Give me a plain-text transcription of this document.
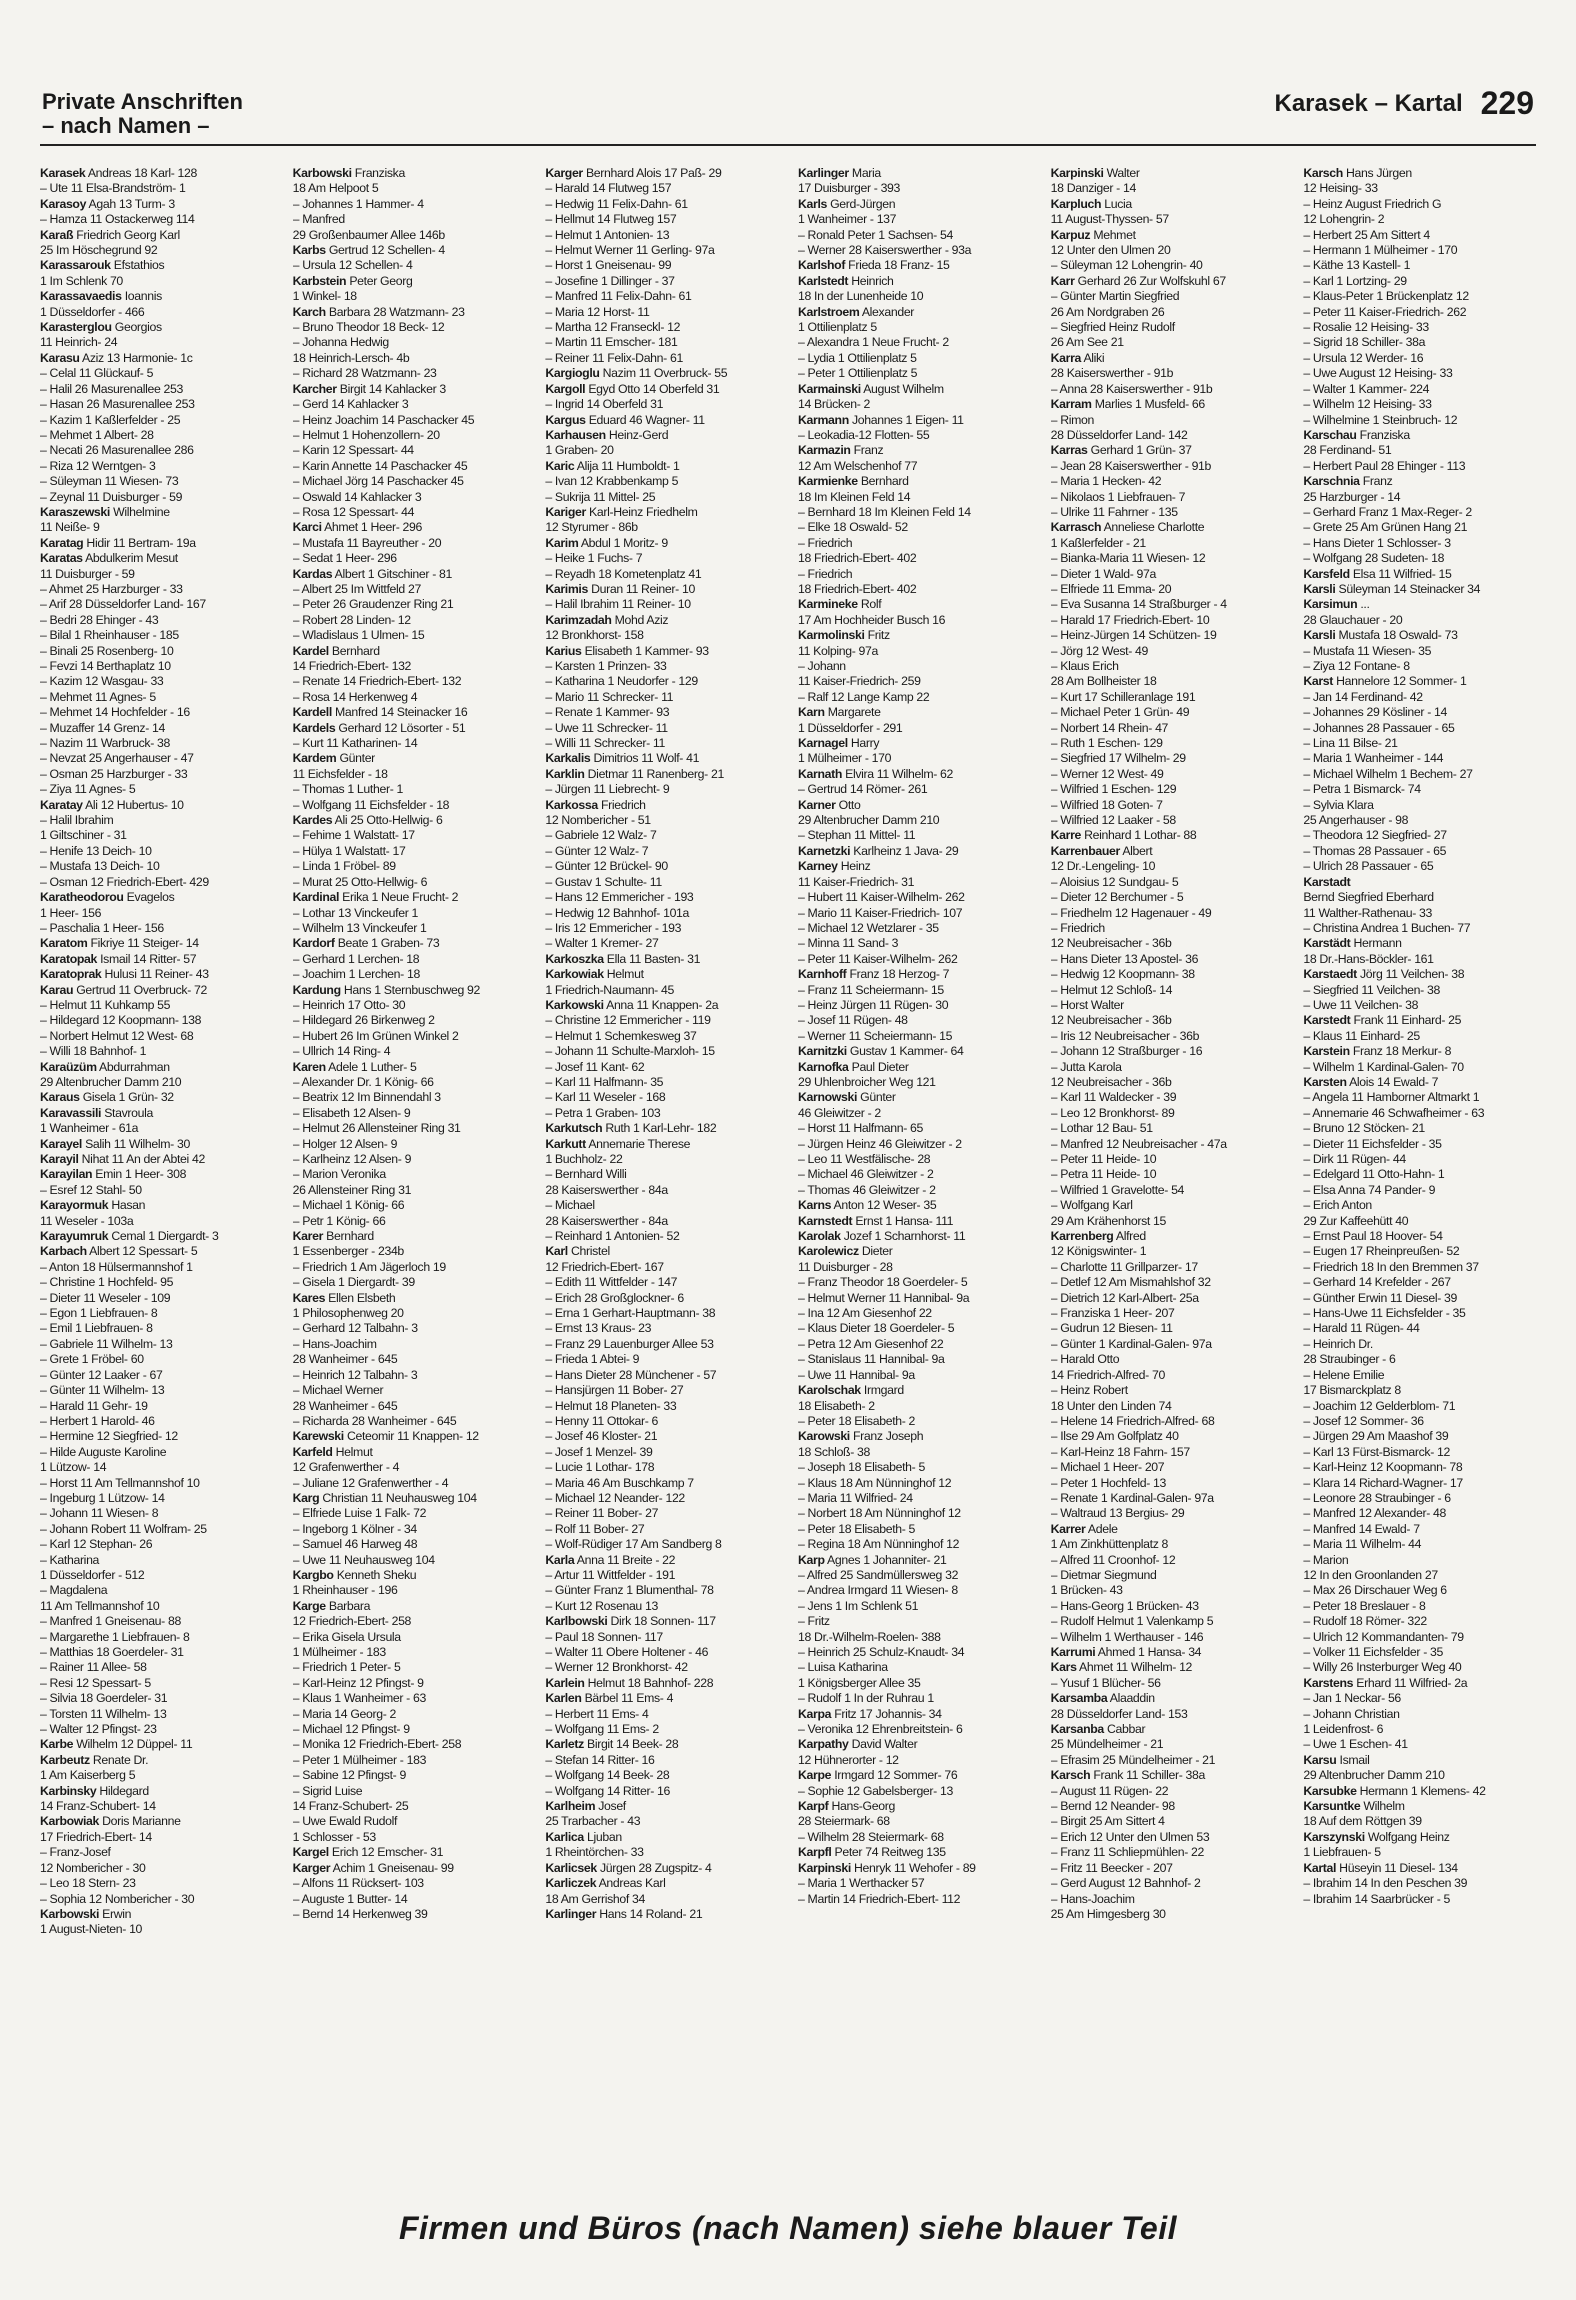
Private Anschriften
– nach Namen –
Karasek – Kartal 229
Karasek Andreas 18 Karl- 128
– Ute 11 Elsa-Brandström- 1
Karasoy Agah 13 Turm- 3
– Hamza 11 Ostackerweg 114
Karaß Friedrich Georg Karl
25 Im Höschegrund 92
Karassarouk Efstathios
1 Im Schlenk 70
Karassavaedis Ioannis
1 Düsseldorfer - 466
Karasterglou Georgios
11 Heinrich- 24
Karasu Aziz 13 Harmonie- 1c
– Celal 11 Glückauf- 5
– Halil 26 Masurenallee 253
– Hasan 26 Masurenallee 253
– Kazim 1 Kaßlerfelder - 25
– Mehmet 1 Albert- 28
– Necati 26 Masurenallee 286
– Riza 12 Werntgen- 3
– Süleyman 11 Wiesen- 73
– Zeynal 11 Duisburger - 59
Karaszewski Wilhelmine
11 Neiße- 9
Karatag Hidir 11 Bertram- 19a
Karatas Abdulkerim Mesut
11 Duisburger - 59
– Ahmet 25 Harzburger - 33
– Arif 28 Düsseldorfer Land- 167
– Bedri 28 Ehinger - 43
– Bilal 1 Rheinhauser - 185
– Binali 25 Rosenberg- 10
– Fevzi 14 Berthaplatz 10
– Kazim 12 Wasgau- 33
– Mehmet 11 Agnes- 5
– Mehmet 14 Hochfelder - 16
– Muzaffer 14 Grenz- 14
– Nazim 11 Warbruck- 38
– Nevzat 25 Angerhauser - 47
– Osman 25 Harzburger - 33
– Ziya 11 Agnes- 5
Karatay Ali 12 Hubertus- 10
– Halil Ibrahim
1 Giltschiner - 31
– Henife 13 Deich- 10
– Mustafa 13 Deich- 10
– Osman 12 Friedrich-Ebert- 429
Karatheodorou Evagelos
1 Heer- 156
– Paschalia 1 Heer- 156
Karatom Fikriye 11 Steiger- 14
Karatopak Ismail 14 Ritter- 57
Karatoprak Hulusi 11 Reiner- 43
Karau Gertrud 11 Overbruck- 72
– Helmut 11 Kuhkamp 55
– Hildegard 12 Koopmann- 138
– Norbert Helmut 12 West- 68
– Willi 18 Bahnhof- 1
Karaüzüm Abdurrahman
29 Altenbrucher Damm 210
Karaus Gisela 1 Grün- 32
Karavassili Stavroula
1 Wanheimer - 61a
Karayel Salih 11 Wilhelm- 30
Karayil Nihat 11 An der Abtei 42
Karayilan Emin 1 Heer- 308
– Esref 12 Stahl- 50
Karayormuk Hasan
11 Weseler - 103a
Karayumruk Cemal 1 Diergardt- 3
Karbach Albert 12 Spessart- 5
– Anton 18 Hülsermannshof 1
– Christine 1 Hochfeld- 95
– Dieter 11 Weseler - 109
– Egon 1 Liebfrauen- 8
– Emil 1 Liebfrauen- 8
– Gabriele 11 Wilhelm- 13
– Grete 1 Fröbel- 60
– Günter 12 Laaker - 67
– Günter 11 Wilhelm- 13
– Harald 11 Gehr- 19
– Herbert 1 Harold- 46
– Hermine 12 Siegfried- 12
– Hilde Auguste Karoline
1 Lützow- 14
– Horst 11 Am Tellmannshof 10
– Ingeburg 1 Lützow- 14
– Johann 11 Wiesen- 8
– Johann Robert 11 Wolfram- 25
– Karl 12 Stephan- 26
– Katharina
1 Düsseldorfer - 512
– Magdalena
11 Am Tellmannshof 10
– Manfred 1 Gneisenau- 88
– Margarethe 1 Liebfrauen- 8
– Matthias 18 Goerdeler- 31
– Rainer 11 Allee- 58
– Resi 12 Spessart- 5
– Silvia 18 Goerdeler- 31
– Torsten 11 Wilhelm- 13
– Walter 12 Pfingst- 23
Karbe Wilhelm 12 Düppel- 11
Karbeutz Renate Dr.
1 Am Kaiserberg 5
Karbinsky Hildegard
14 Franz-Schubert- 14
Karbowiak Doris Marianne
17 Friedrich-Ebert- 14
– Franz-Josef
12 Nombericher - 30
– Leo 18 Stern- 23
– Sophia 12 Nombericher - 30
Karbowski Erwin
1 August-Nieten- 10
Karbowski Franziska
18 Am Helpoot 5
– Johannes 1 Hammer- 4
– Manfred
29 Großenbaumer Allee 146b
Karbs Gertrud 12 Schellen- 4
– Ursula 12 Schellen- 4
Karbstein Peter Georg
1 Winkel- 18
Karch Barbara 28 Watzmann- 23
– Bruno Theodor 18 Beck- 12
– Johanna Hedwig
18 Heinrich-Lersch- 4b
– Richard 28 Watzmann- 23
Karcher Birgit 14 Kahlacker 3
– Gerd 14 Kahlacker 3
– Heinz Joachim 14 Paschacker 45
– Helmut 1 Hohenzollern- 20
– Karin 12 Spessart- 44
– Karin Annette 14 Paschacker 45
– Michael Jörg 14 Paschacker 45
– Oswald 14 Kahlacker 3
– Rosa 12 Spessart- 44
Karci Ahmet 1 Heer- 296
– Mustafa 11 Bayreuther - 20
– Sedat 1 Heer- 296
Kardas Albert 1 Gitschiner - 81
– Albert 25 Im Wittfeld 27
– Peter 26 Graudenzer Ring 21
– Robert 28 Linden- 12
– Wladislaus 1 Ulmen- 15
Kardel Bernhard
14 Friedrich-Ebert- 132
– Renate 14 Friedrich-Ebert- 132
– Rosa 14 Herkenweg 4
Kardell Manfred 14 Steinacker 16
Kardels Gerhard 12 Lösorter - 51
– Kurt 11 Katharinen- 14
Kardem Günter
11 Eichsfelder - 18
– Thomas 1 Luther- 1
– Wolfgang 11 Eichsfelder - 18
Kardes Ali 25 Otto-Hellwig- 6
– Fehime 1 Walstatt- 17
– Hülya 1 Walstatt- 17
– Linda 1 Fröbel- 89
– Murat 25 Otto-Hellwig- 6
Kardinal Erika 1 Neue Frucht- 2
– Lothar 13 Vinckeufer 1
– Wilhelm 13 Vinckeufer 1
Kardorf Beate 1 Graben- 73
– Gerhard 1 Lerchen- 18
– Joachim 1 Lerchen- 18
Kardung Hans 1 Sternbuschweg 92
– Heinrich 17 Otto- 30
– Hildegard 26 Birkenweg 2
– Hubert 26 Im Grünen Winkel 2
– Ullrich 14 Ring- 4
Karen Adele 1 Luther- 5
– Alexander Dr. 1 König- 66
– Beatrix 12 Im Binnendahl 3
– Elisabeth 12 Alsen- 9
– Helmut 26 Allensteiner Ring 31
– Holger 12 Alsen- 9
– Karlheinz 12 Alsen- 9
– Marion Veronika
26 Allensteiner Ring 31
– Michael 1 König- 66
– Petr 1 König- 66
Karer Bernhard
1 Essenberger - 234b
– Friedrich 1 Am Jägerloch 19
– Gisela 1 Diergardt- 39
Kares Ellen Elsbeth
1 Philosophenweg 20
– Gerhard 12 Talbahn- 3
– Hans-Joachim
28 Wanheimer - 645
– Heinrich 12 Talbahn- 3
– Michael Werner
28 Wanheimer - 645
– Richarda 28 Wanheimer - 645
Karewski Ceteomir 11 Knappen- 12
Karfeld Helmut
12 Grafenwerther - 4
– Juliane 12 Grafenwerther - 4
Karg Christian 11 Neuhausweg 104
– Elfriede Luise 1 Falk- 72
– Ingeborg 1 Kölner - 34
– Samuel 46 Harweg 48
– Uwe 11 Neuhausweg 104
Kargbo Kenneth Sheku
1 Rheinhauser - 196
Karge Barbara
12 Friedrich-Ebert- 258
– Erika Gisela Ursula
1 Mülheimer - 183
– Friedrich 1 Peter- 5
– Karl-Heinz 12 Pfingst- 9
– Klaus 1 Wanheimer - 63
– Maria 14 Georg- 2
– Michael 12 Pfingst- 9
– Monika 12 Friedrich-Ebert- 258
– Peter 1 Mülheimer - 183
– Sabine 12 Pfingst- 9
– Sigrid Luise
14 Franz-Schubert- 25
– Uwe Ewald Rudolf
1 Schlosser - 53
Kargel Erich 12 Emscher- 31
Karger Achim 1 Gneisenau- 99
– Alfons 11 Rücksert- 103
– Auguste 1 Butter- 14
– Bernd 14 Herkenweg 39
Karger Bernhard Alois 17 Paß- 29
– Harald 14 Flutweg 157
– Hedwig 11 Felix-Dahn- 61
– Hellmut 14 Flutweg 157
– Helmut 1 Antonien- 13
– Helmut Werner 11 Gerling- 97a
– Horst 1 Gneisenau- 99
– Josefine 1 Dillinger - 37
– Manfred 11 Felix-Dahn- 61
– Maria 12 Horst- 11
– Martha 12 Franseckl- 12
– Martin 11 Emscher- 181
– Reiner 11 Felix-Dahn- 61
Kargioglu Nazim 11 Overbruck- 55
Kargoll Egyd Otto 14 Oberfeld 31
– Ingrid 14 Oberfeld 31
Kargus Eduard 46 Wagner- 11
Karhausen Heinz-Gerd
1 Graben- 20
Karic Alija 11 Humboldt- 1
– Ivan 12 Krabbenkamp 5
– Sukrija 11 Mittel- 25
Kariger Karl-Heinz Friedhelm
12 Styrumer - 86b
Karim Abdul 1 Moritz- 9
– Heike 1 Fuchs- 7
– Reyadh 18 Kometenplatz 41
Karimis Duran 11 Reiner- 10
– Halil Ibrahim 11 Reiner- 10
Karimzadah Mohd Aziz
12 Bronkhorst- 158
Karius Elisabeth 1 Kammer- 93
– Karsten 1 Prinzen- 33
– Katharina 1 Neudorfer - 129
– Mario 11 Schrecker- 11
– Renate 1 Kammer- 93
– Uwe 11 Schrecker- 11
– Willi 11 Schrecker- 11
Karkalis Dimitrios 11 Wolf- 41
Karklin Dietmar 11 Ranenberg- 21
– Jürgen 11 Liebrecht- 9
Karkossa Friedrich
12 Nombericher - 51
– Gabriele 12 Walz- 7
– Günter 12 Walz- 7
– Günter 12 Brückel- 90
– Gustav 1 Schulte- 11
– Hans 12 Emmericher - 193
– Hedwig 12 Bahnhof- 101a
– Iris 12 Emmericher - 193
– Walter 1 Kremer- 27
Karkoszka Ella 11 Basten- 31
Karkowiak Helmut
1 Friedrich-Naumann- 45
Karkowski Anna 11 Knappen- 2a
– Christine 12 Emmericher - 119
– Helmut 1 Schemkesweg 37
– Johann 11 Schulte-Marxloh- 15
– Josef 11 Kant- 62
– Karl 11 Halfmann- 35
– Karl 11 Weseler - 168
– Petra 1 Graben- 103
Karkutsch Ruth 1 Karl-Lehr- 182
Karkutt Annemarie Therese
1 Buchholz- 22
– Bernhard Willi
28 Kaiserswerther - 84a
– Michael
28 Kaiserswerther - 84a
– Reinhard 1 Antonien- 52
Karl Christel
12 Friedrich-Ebert- 167
– Edith 11 Wittfelder - 147
– Erich 28 Großglockner- 6
– Erna 1 Gerhart-Hauptmann- 38
– Ernst 13 Kraus- 23
– Franz 29 Lauenburger Allee 53
– Frieda 1 Abtei- 9
– Hans Dieter 28 Münchener - 57
– Hansjürgen 11 Bober- 27
– Helmut 18 Planeten- 33
– Henny 11 Ottokar- 6
– Josef 46 Kloster- 21
– Josef 1 Menzel- 39
– Lucie 1 Lothar- 178
– Maria 46 Am Buschkamp 7
– Michael 12 Neander- 122
– Reiner 11 Bober- 27
– Rolf 11 Bober- 27
– Wolf-Rüdiger 17 Am Sandberg 8
Karla Anna 11 Breite - 22
– Artur 11 Wittfelder - 191
– Günter Franz 1 Blumenthal- 78
– Kurt 12 Rosenau 13
Karlbowski Dirk 18 Sonnen- 117
– Paul 18 Sonnen- 117
– Walter 11 Obere Holtener - 46
– Werner 12 Bronkhorst- 42
Karlein Helmut 18 Bahnhof- 228
Karlen Bärbel 11 Ems- 4
– Herbert 11 Ems- 4
– Wolfgang 11 Ems- 2
Karletz Birgit 14 Beek- 28
– Stefan 14 Ritter- 16
– Wolfgang 14 Beek- 28
– Wolfgang 14 Ritter- 16
Karlheim Josef
25 Trarbacher - 43
Karlica Ljuban
1 Rheintörchen- 33
Karlicsek Jürgen 28 Zugspitz- 4
Karliczek Andreas Karl
18 Am Gerrishof 34
Karlinger Hans 14 Roland- 21
Karlinger Maria
17 Duisburger - 393
Karls Gerd-Jürgen
1 Wanheimer - 137
– Ronald Peter 1 Sachsen- 54
– Werner 28 Kaiserswerther - 93a
Karlshof Frieda 18 Franz- 15
Karlstedt Heinrich
18 In der Lunenheide 10
Karlstroem Alexander
1 Ottilienplatz 5
– Alexandra 1 Neue Frucht- 2
– Lydia 1 Ottilienplatz 5
– Peter 1 Ottilienplatz 5
Karmainski August Wilhelm
14 Brücken- 2
Karmann Johannes 1 Eigen- 11
– Leokadia-12 Flotten- 55
Karmazin Franz
12 Am Welschenhof 77
Karmienke Bernhard
18 Im Kleinen Feld 14
– Bernhard 18 Im Kleinen Feld 14
– Elke 18 Oswald- 52
– Friedrich
18 Friedrich-Ebert- 402
– Friedrich
18 Friedrich-Ebert- 402
Karmineke Rolf
17 Am Hochheider Busch 16
Karmolinski Fritz
11 Kolping- 97a
– Johann
11 Kaiser-Friedrich- 259
– Ralf 12 Lange Kamp 22
Karn Margarete
1 Düsseldorfer - 291
Karnagel Harry
1 Mülheimer - 170
Karnath Elvira 11 Wilhelm- 62
– Gertrud 14 Römer- 261
Karner Otto
29 Altenbrucher Damm 210
– Stephan 11 Mittel- 11
Karnetzki Karlheinz 1 Java- 29
Karney Heinz
11 Kaiser-Friedrich- 31
– Hubert 11 Kaiser-Wilhelm- 262
– Mario 11 Kaiser-Friedrich- 107
– Michael 12 Wetzlarer - 35
– Minna 11 Sand- 3
– Peter 11 Kaiser-Wilhelm- 262
Karnhoff Franz 18 Herzog- 7
– Franz 11 Scheiermann- 15
– Heinz Jürgen 11 Rügen- 30
– Josef 11 Rügen- 48
– Werner 11 Scheiermann- 15
Karnitzki Gustav 1 Kammer- 64
Karnofka Paul Dieter
29 Uhlenbroicher Weg 121
Karnowski Günter
46 Gleiwitzer - 2
– Horst 11 Halfmann- 65
– Jürgen Heinz 46 Gleiwitzer - 2
– Leo 11 Westfälische- 28
– Michael 46 Gleiwitzer - 2
– Thomas 46 Gleiwitzer - 2
Karns Anton 12 Weser- 35
Karnstedt Ernst 1 Hansa- 111
Karolak Jozef 1 Scharnhorst- 11
Karolewicz Dieter
11 Duisburger - 28
– Franz Theodor 18 Goerdeler- 5
– Helmut Werner 11 Hannibal- 9a
– Ina 12 Am Giesenhof 22
– Klaus Dieter 18 Goerdeler- 5
– Petra 12 Am Giesenhof 22
– Stanislaus 11 Hannibal- 9a
– Uwe 11 Hannibal- 9a
Karolschak Irmgard
18 Elisabeth- 2
– Peter 18 Elisabeth- 2
Karowski Franz Joseph
18 Schloß- 38
– Joseph 18 Elisabeth- 5
– Klaus 18 Am Nünninghof 12
– Maria 11 Wilfried- 24
– Norbert 18 Am Nünninghof 12
– Peter 18 Elisabeth- 5
– Regina 18 Am Nünninghof 12
Karp Agnes 1 Johanniter- 21
– Alfred 25 Sandmüllersweg 32
– Andrea Irmgard 11 Wiesen- 8
– Jens 1 Im Schlenk 51
– Fritz
18 Dr.-Wilhelm-Roelen- 388
– Heinrich 25 Schulz-Knaudt- 34
– Luisa Katharina
1 Königsberger Allee 35
– Rudolf 1 In der Ruhrau 1
Karpa Fritz 17 Johannis- 34
– Veronika 12 Ehrenbreitstein- 6
Karpathy David Walter
12 Hühnerorter - 12
Karpe Irmgard 12 Sommer- 76
– Sophie 12 Gabelsberger- 13
Karpf Hans-Georg
28 Steiermark- 68
– Wilhelm 28 Steiermark- 68
Karpfl Peter 74 Reitweg 135
Karpinski Henryk 11 Wehofer - 89
– Maria 1 Werthacker 57
– Martin 14 Friedrich-Ebert- 112
Karpinski Walter
18 Danziger - 14
Karpluch Lucia
11 August-Thyssen- 57
Karpuz Mehmet
12 Unter den Ulmen 20
– Süleyman 12 Lohengrin- 40
Karr Gerhard 26 Zur Wolfskuhl 67
– Günter Martin Siegfried
26 Am Nordgraben 26
– Siegfried Heinz Rudolf
26 Am See 21
Karra Aliki
28 Kaiserswerther - 91b
– Anna 28 Kaiserswerther - 91b
Karram Marlies 1 Musfeld- 66
– Rimon
28 Düsseldorfer Land- 142
Karras Gerhard 1 Grün- 37
– Jean 28 Kaiserswerther - 91b
– Maria 1 Hecken- 42
– Nikolaos 1 Liebfrauen- 7
– Ulrike 11 Fahrner - 135
Karrasch Anneliese Charlotte
1 Kaßlerfelder - 21
– Bianka-Maria 11 Wiesen- 12
– Dieter 1 Wald- 97a
– Elfriede 11 Emma- 20
– Eva Susanna 14 Straßburger - 4
– Harald 17 Friedrich-Ebert- 10
– Heinz-Jürgen 14 Schützen- 19
– Jörg 12 West- 49
– Klaus Erich
28 Am Bollheister 18
– Kurt 17 Schilleranlage 191
– Michael Peter 1 Grün- 49
– Norbert 14 Rhein- 47
– Ruth 1 Eschen- 129
– Siegfried 17 Wilhelm- 29
– Werner 12 West- 49
– Wilfried 1 Eschen- 129
– Wilfried 18 Goten- 7
– Wilfried 12 Laaker - 58
Karre Reinhard 1 Lothar- 88
Karrenbauer Albert
12 Dr.-Lengeling- 10
– Aloisius 12 Sundgau- 5
– Dieter 12 Berchumer - 5
– Friedhelm 12 Hagenauer - 49
– Friedrich
12 Neubreisacher - 36b
– Hans Dieter 13 Apostel- 36
– Hedwig 12 Koopmann- 38
– Helmut 12 Schloß- 14
– Horst Walter
12 Neubreisacher - 36b
– Iris 12 Neubreisacher - 36b
– Johann 12 Straßburger - 16
– Jutta Karola
12 Neubreisacher - 36b
– Karl 11 Waldecker - 39
– Leo 12 Bronkhorst- 89
– Lothar 12 Bau- 51
– Manfred 12 Neubreisacher - 47a
– Peter 11 Heide- 10
– Petra 11 Heide- 10
– Wilfried 1 Gravelotte- 54
– Wolfgang Karl
29 Am Krähenhorst 15
Karrenberg Alfred
12 Königswinter- 1
– Charlotte 11 Grillparzer- 17
– Detlef 12 Am Mismahlshof 32
– Dietrich 12 Karl-Albert- 25a
– Franziska 1 Heer- 207
– Gudrun 12 Biesen- 11
– Günter 1 Kardinal-Galen- 97a
– Harald Otto
14 Friedrich-Alfred- 70
– Heinz Robert
18 Unter den Linden 74
– Helene 14 Friedrich-Alfred- 68
– Ilse 29 Am Golfplatz 40
– Karl-Heinz 18 Fahrn- 157
– Michael 1 Heer- 207
– Peter 1 Hochfeld- 13
– Renate 1 Kardinal-Galen- 97a
– Waltraud 13 Bergius- 29
Karrer Adele
1 Am Zinkhüttenplatz 8
– Alfred 11 Croonhof- 12
– Dietmar Siegmund
1 Brücken- 43
– Hans-Georg 1 Brücken- 43
– Rudolf Helmut 1 Valenkamp 5
– Wilhelm 1 Werthauser - 146
Karrumi Ahmed 1 Hansa- 34
Kars Ahmet 11 Wilhelm- 12
– Yusuf 1 Blücher- 56
Karsamba Alaaddin
28 Düsseldorfer Land- 153
Karsanba Cabbar
25 Mündelheimer - 21
– Efrasim 25 Mündelheimer - 21
Karsch Frank 11 Schiller- 38a
– August 11 Rügen- 22
– Bernd 12 Neander- 98
– Birgit 25 Am Sittert 4
– Erich 12 Unter den Ulmen 53
– Franz 11 Schliepmühlen- 22
– Fritz 11 Beecker - 207
– Gerd August 12 Bahnhof- 2
– Hans-Joachim
25 Am Himgesberg 30
Karsch Hans Jürgen
12 Heising- 33
– Heinz August Friedrich G
12 Lohengrin- 2
– Herbert 25 Am Sittert 4
– Hermann 1 Mülheimer - 170
– Käthe 13 Kastell- 1
– Karl 1 Lortzing- 29
– Klaus-Peter 1 Brückenplatz 12
– Peter 11 Kaiser-Friedrich- 262
– Rosalie 12 Heising- 33
– Sigrid 18 Schiller- 38a
– Ursula 12 Werder- 16
– Uwe August 12 Heising- 33
– Walter 1 Kammer- 224
– Wilhelm 12 Heising- 33
– Wilhelmine 1 Steinbruch- 12
Karschau Franziska
28 Ferdinand- 51
– Herbert Paul 28 Ehinger - 113
Karschnia Franz
25 Harzburger - 14
– Gerhard Franz 1 Max-Reger- 2
– Grete 25 Am Grünen Hang 21
– Hans Dieter 1 Schlosser- 3
– Wolfgang 28 Sudeten- 18
Karsfeld Elsa 11 Wilfried- 15
Karsli Süleyman 14 Steinacker 34
Karsimun ...
28 Glauchauer - 20
Karsli Mustafa 18 Oswald- 73
– Mustafa 11 Wiesen- 35
– Ziya 12 Fontane- 8
Karst Hannelore 12 Sommer- 1
– Jan 14 Ferdinand- 42
– Johannes 29 Kösliner - 14
– Johannes 28 Passauer - 65
– Lina 11 Bilse- 21
– Maria 1 Wanheimer - 144
– Michael Wilhelm 1 Bechem- 27
– Petra 1 Bismarck- 74
– Sylvia Klara
25 Angerhauser - 98
– Theodora 12 Siegfried- 27
– Thomas 28 Passauer - 65
– Ulrich 28 Passauer - 65
Karstadt
Bernd Siegfried Eberhard
11 Walther-Rathenau- 33
– Christina Andrea 1 Buchen- 77
Karstädt Hermann
18 Dr.-Hans-Böckler- 161
Karstaedt Jörg 11 Veilchen- 38
– Siegfried 11 Veilchen- 38
– Uwe 11 Veilchen- 38
Karstedt Frank 11 Einhard- 25
– Klaus 11 Einhard- 25
Karstein Franz 18 Merkur- 8
– Wilhelm 1 Kardinal-Galen- 70
Karsten Alois 14 Ewald- 7
– Angela 11 Hamborner Altmarkt 1
– Annemarie 46 Schwafheimer - 63
– Bruno 12 Stöcken- 21
– Dieter 11 Eichsfelder - 35
– Dirk 11 Rügen- 44
– Edelgard 11 Otto-Hahn- 1
– Elsa Anna 74 Pander- 9
– Erich Anton
29 Zur Kaffeehütt 40
– Ernst Paul 18 Hoover- 54
– Eugen 17 Rheinpreußen- 52
– Friedrich 18 In den Bremmen 37
– Gerhard 14 Krefelder - 267
– Günther Erwin 11 Diesel- 39
– Hans-Uwe 11 Eichsfelder - 35
– Harald 11 Rügen- 44
– Heinrich Dr.
28 Straubinger - 6
– Helene Emilie
17 Bismarckplatz 8
– Joachim 12 Gelderblom- 71
– Josef 12 Sommer- 36
– Jürgen 29 Am Maashof 39
– Karl 13 Fürst-Bismarck- 12
– Karl-Heinz 12 Koopmann- 78
– Klara 14 Richard-Wagner- 17
– Leonore 28 Straubinger - 6
– Manfred 12 Alexander- 48
– Manfred 14 Ewald- 7
– Maria 11 Wilhelm- 44
– Marion
12 In den Groonlanden 27
– Max 26 Dirschauer Weg 6
– Peter 18 Breslauer - 8
– Rudolf 18 Römer- 322
– Ulrich 12 Kommandanten- 79
– Volker 11 Eichsfelder - 35
– Willy 26 Insterburger Weg 40
Karstens Erhard 11 Wilfried- 2a
– Jan 1 Neckar- 56
– Johann Christian
1 Leidenfrost- 6
– Uwe 1 Eschen- 41
Karsu Ismail
29 Altenbrucher Damm 210
Karsubke Hermann 1 Klemens- 42
Karsuntke Wilhelm
18 Auf dem Röttgen 39
Karszynski Wolfgang Heinz
1 Liebfrauen- 5
Kartal Hüseyin 11 Diesel- 134
– Ibrahim 14 In den Peschen 39
– Ibrahim 14 Saarbrücker - 5
Firmen und Büros (nach Namen) siehe blauer Teil
